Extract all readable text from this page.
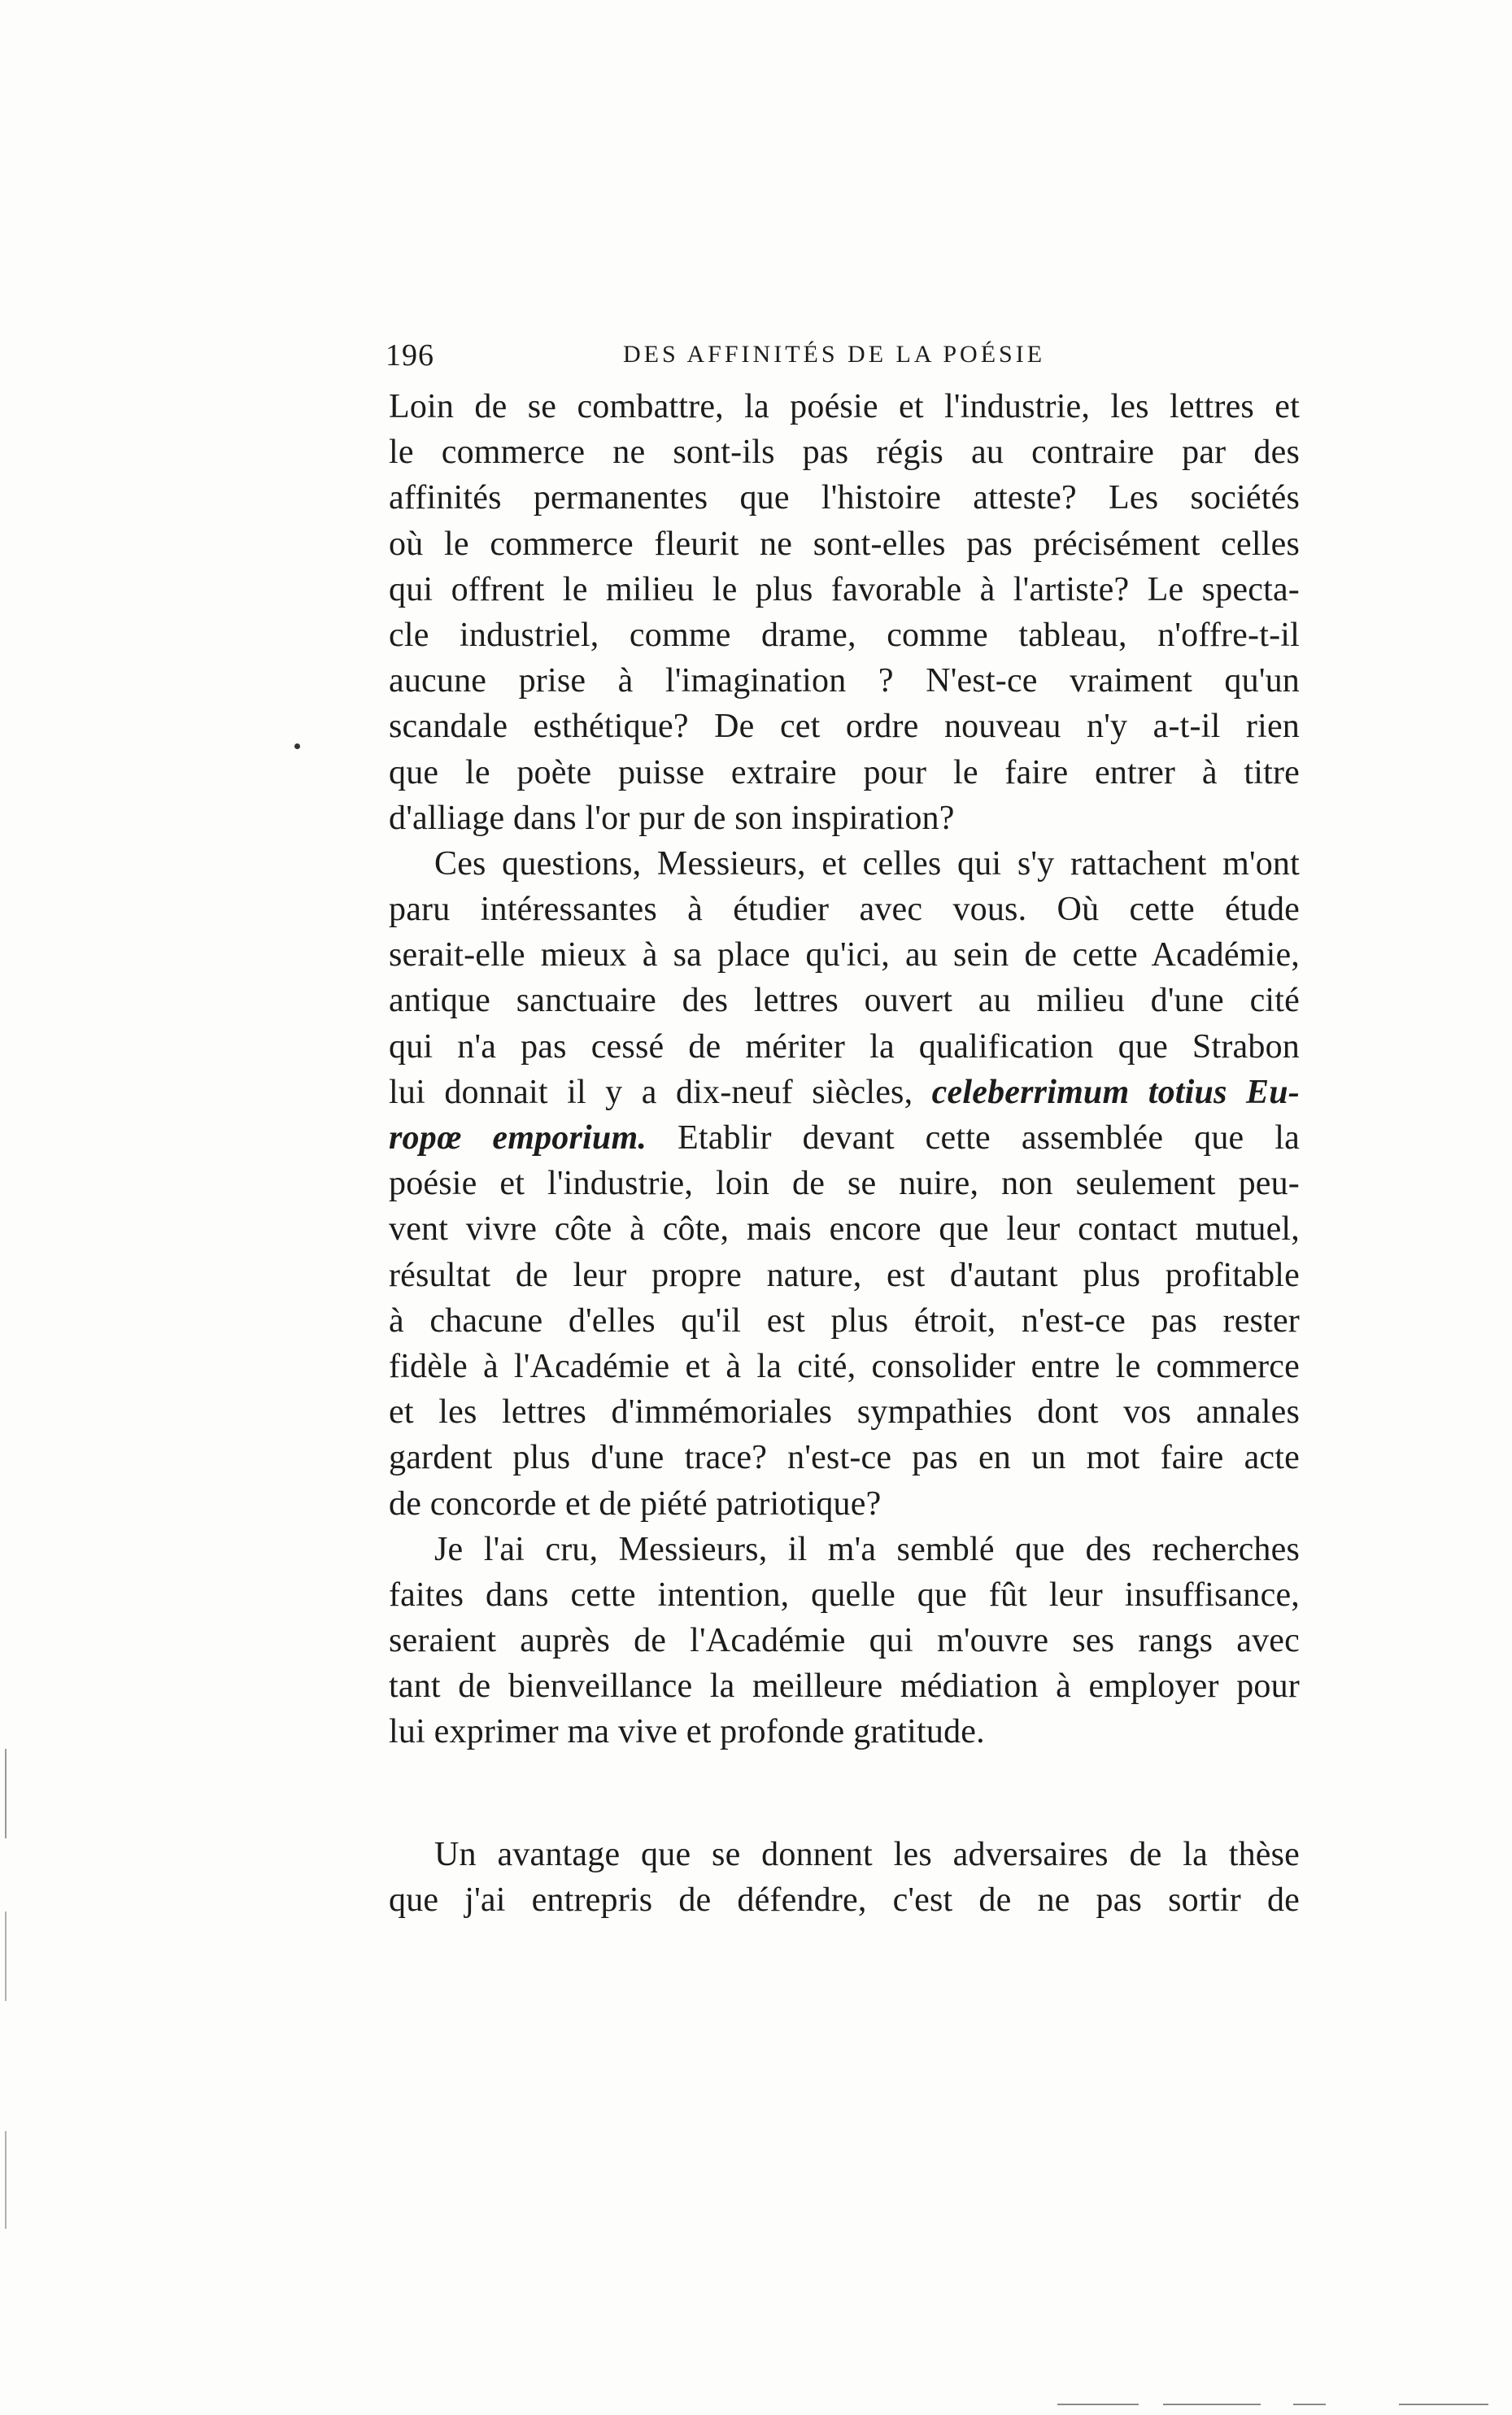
196	DES AFFINITÉS DE LA POÉSIE
Loin de se combattre, la poésie et l'industrie, les lettres et
le commerce ne sont-ils pas régis au contraire par des
affinités permanentes que l'histoire atteste? Les sociétés
où le commerce fleurit ne sont-elles pas précisément celles
qui offrent le milieu le plus favorable à l'artiste? Le specta-
cle industriel, comme drame, comme tableau, n'offre-t-il
aucune prise à l'imagination ? N'est-ce vraiment qu'un
scandale esthétique? De cet ordre nouveau n'y a-t-il rien
que le poète puisse extraire pour le faire entrer à titre
d'alliage dans l'or pur de son inspiration?
Ces questions, Messieurs, et celles qui s'y rattachent m'ont
paru intéressantes à étudier avec vous. Où cette étude
serait-elle mieux à sa place qu'ici, au sein de cette Académie,
antique sanctuaire des lettres ouvert au milieu d'une cité
qui n'a pas cessé de mériter la qualification que Strabon
lui donnait il y a dix-neuf siècles, celeberrimum totius Eu-
ropœ emporium. Etablir devant cette assemblée que la
poésie et l'industrie, loin de se nuire, non seulement peu-
vent vivre côte à côte, mais encore que leur contact mutuel,
résultat de leur propre nature, est d'autant plus profitable
à chacune d'elles qu'il est plus étroit, n'est-ce pas rester
fidèle à l'Académie et à la cité, consolider entre le commerce
et les lettres d'immémoriales sympathies dont vos annales
gardent plus d'une trace? n'est-ce pas en un mot faire acte
de concorde et de piété patriotique?
Je l'ai cru, Messieurs, il m'a semblé que des recherches
faites dans cette intention, quelle que fût leur insuffisance,
seraient auprès de l'Académie qui m'ouvre ses rangs avec
tant de bienveillance la meilleure médiation à employer pour
lui exprimer ma vive et profonde gratitude.
Un avantage que se donnent les adversaires de la thèse
que j'ai entrepris de défendre, c'est de ne pas sortir de
